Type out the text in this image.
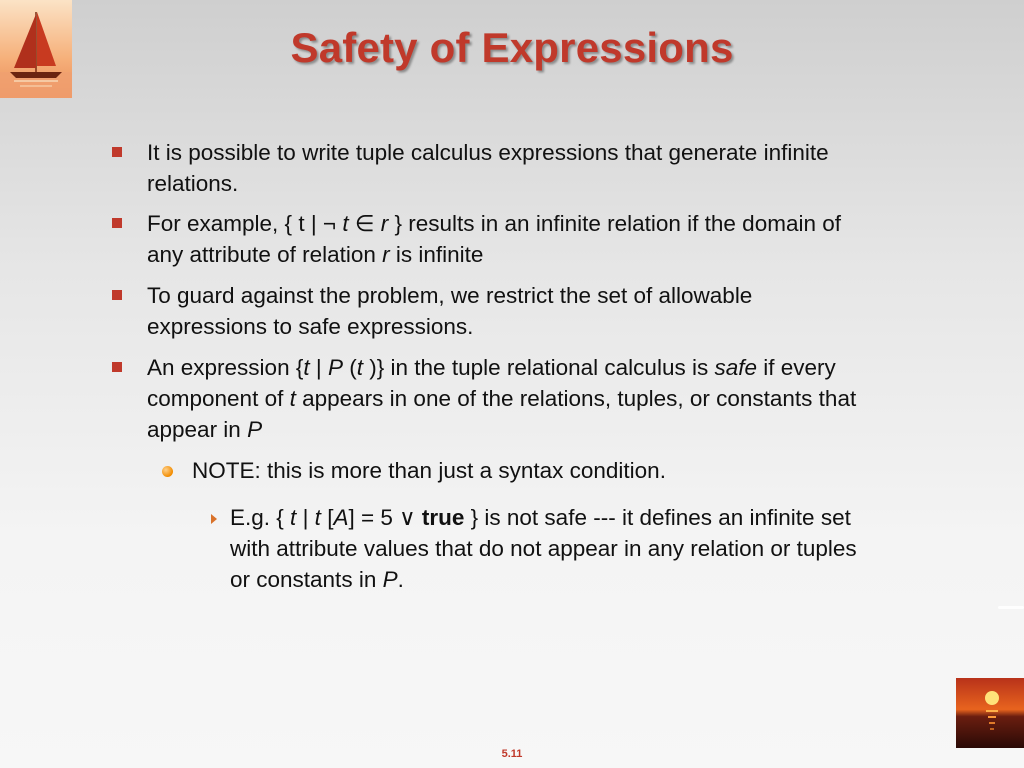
Safety of Expressions
It is possible to write tuple calculus expressions that generate infinite
relations.
For example, { t | ¬ t ∈ r } results in an infinite relation if the domain of
any attribute of relation r is infinite
To guard against the problem, we restrict the set of allowable
expressions to safe expressions.
An expression {t | P (t )} in the tuple relational calculus is safe if every
component of t appears in one of the relations, tuples, or constants that
appear in P
NOTE: this is more than just a syntax condition.
E.g. { t | t [A] = 5 ∨ true } is not safe --- it defines an infinite set
with attribute values that do not appear in any relation or tuples
or constants in P.
5.11
